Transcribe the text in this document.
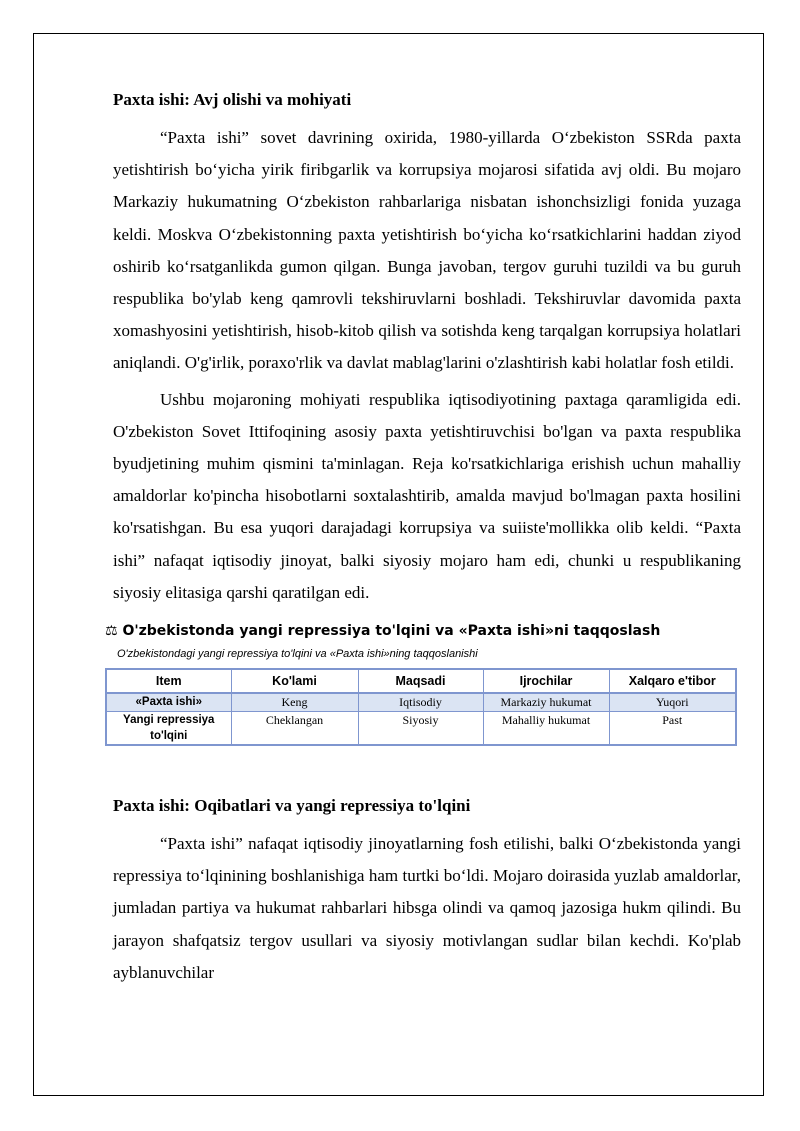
Paxta ishi: Avj olishi va mohiyati

“Paxta ishi” sovet davrining oxirida, 1980-yillarda O‘zbekiston SSRda paxta yetishtirish bo‘yicha yirik firibgarlik va korrupsiya mojarosi sifatida avj oldi. Bu mojaro Markaziy hukumatning O‘zbekiston rahbarlariga nisbatan ishonchsizligi fonida yuzaga keldi. Moskva O‘zbekistonning paxta yetishtirish bo‘yicha ko‘rsatkichlarini haddan ziyod oshirib ko‘rsatganlikda gumon qilgan. Bunga javoban, tergov guruhi tuzildi va bu guruh respublika bo'ylab keng qamrovli tekshiruvlarni boshladi. Tekshiruvlar davomida paxta xomashyosini yetishtirish, hisob-kitob qilish va sotishda keng tarqalgan korrupsiya holatlari aniqlandi. O'g'irlik, poraxo'rlik va davlat mablag'larini o'zlashtirish kabi holatlar fosh etildi.

Ushbu mojaroning mohiyati respublika iqtisodiyotining paxtaga qaramligida edi. O'zbekiston Sovet Ittifoqining asosiy paxta yetishtiruvchisi bo'lgan va paxta respublika byudjetining muhim qismini ta'minlagan. Reja ko'rsatkichlariga erishish uchun mahalliy amaldorlar ko'pincha hisobotlarni soxtalashtirib, amalda mavjud bo'lmagan paxta hosilini ko'rsatishgan. Bu esa yuqori darajadagi korrupsiya va suiiste'mollikka olib keldi. “Paxta ishi” nafaqat iqtisodiy jinoyat, balki siyosiy mojaro ham edi, chunki u respublikaning siyosiy elitasiga qarshi qaratilgan edi.

⚖ O'zbekistonda yangi repressiya to'lqini va «Paxta ishi»ni taqqoslash
O'zbekistondagi yangi repressiya to'lqini va «Paxta ishi»ning taqqoslanishi
Item	Ko'lami	Maqsadi	Ijrochilar	Xalqaro e'tibor
«Paxta ishi»	Keng	Iqtisodiy	Markaziy hukumat	Yuqori
Yangi repressiya to'lqini	Cheklangan	Siyosiy	Mahalliy hukumat	Past
Paxta ishi: Oqibatlari va yangi repressiya to'lqini

“Paxta ishi” nafaqat iqtisodiy jinoyatlarning fosh etilishi, balki O‘zbekistonda yangi repressiya to‘lqinining boshlanishiga ham turtki bo‘ldi. Mojaro doirasida yuzlab amaldorlar, jumladan partiya va hukumat rahbarlari hibsga olindi va qamoq jazosiga hukm qilindi. Bu jarayon shafqatsiz tergov usullari va siyosiy motivlangan sudlar bilan kechdi. Ko'plab ayblanuvchilar
